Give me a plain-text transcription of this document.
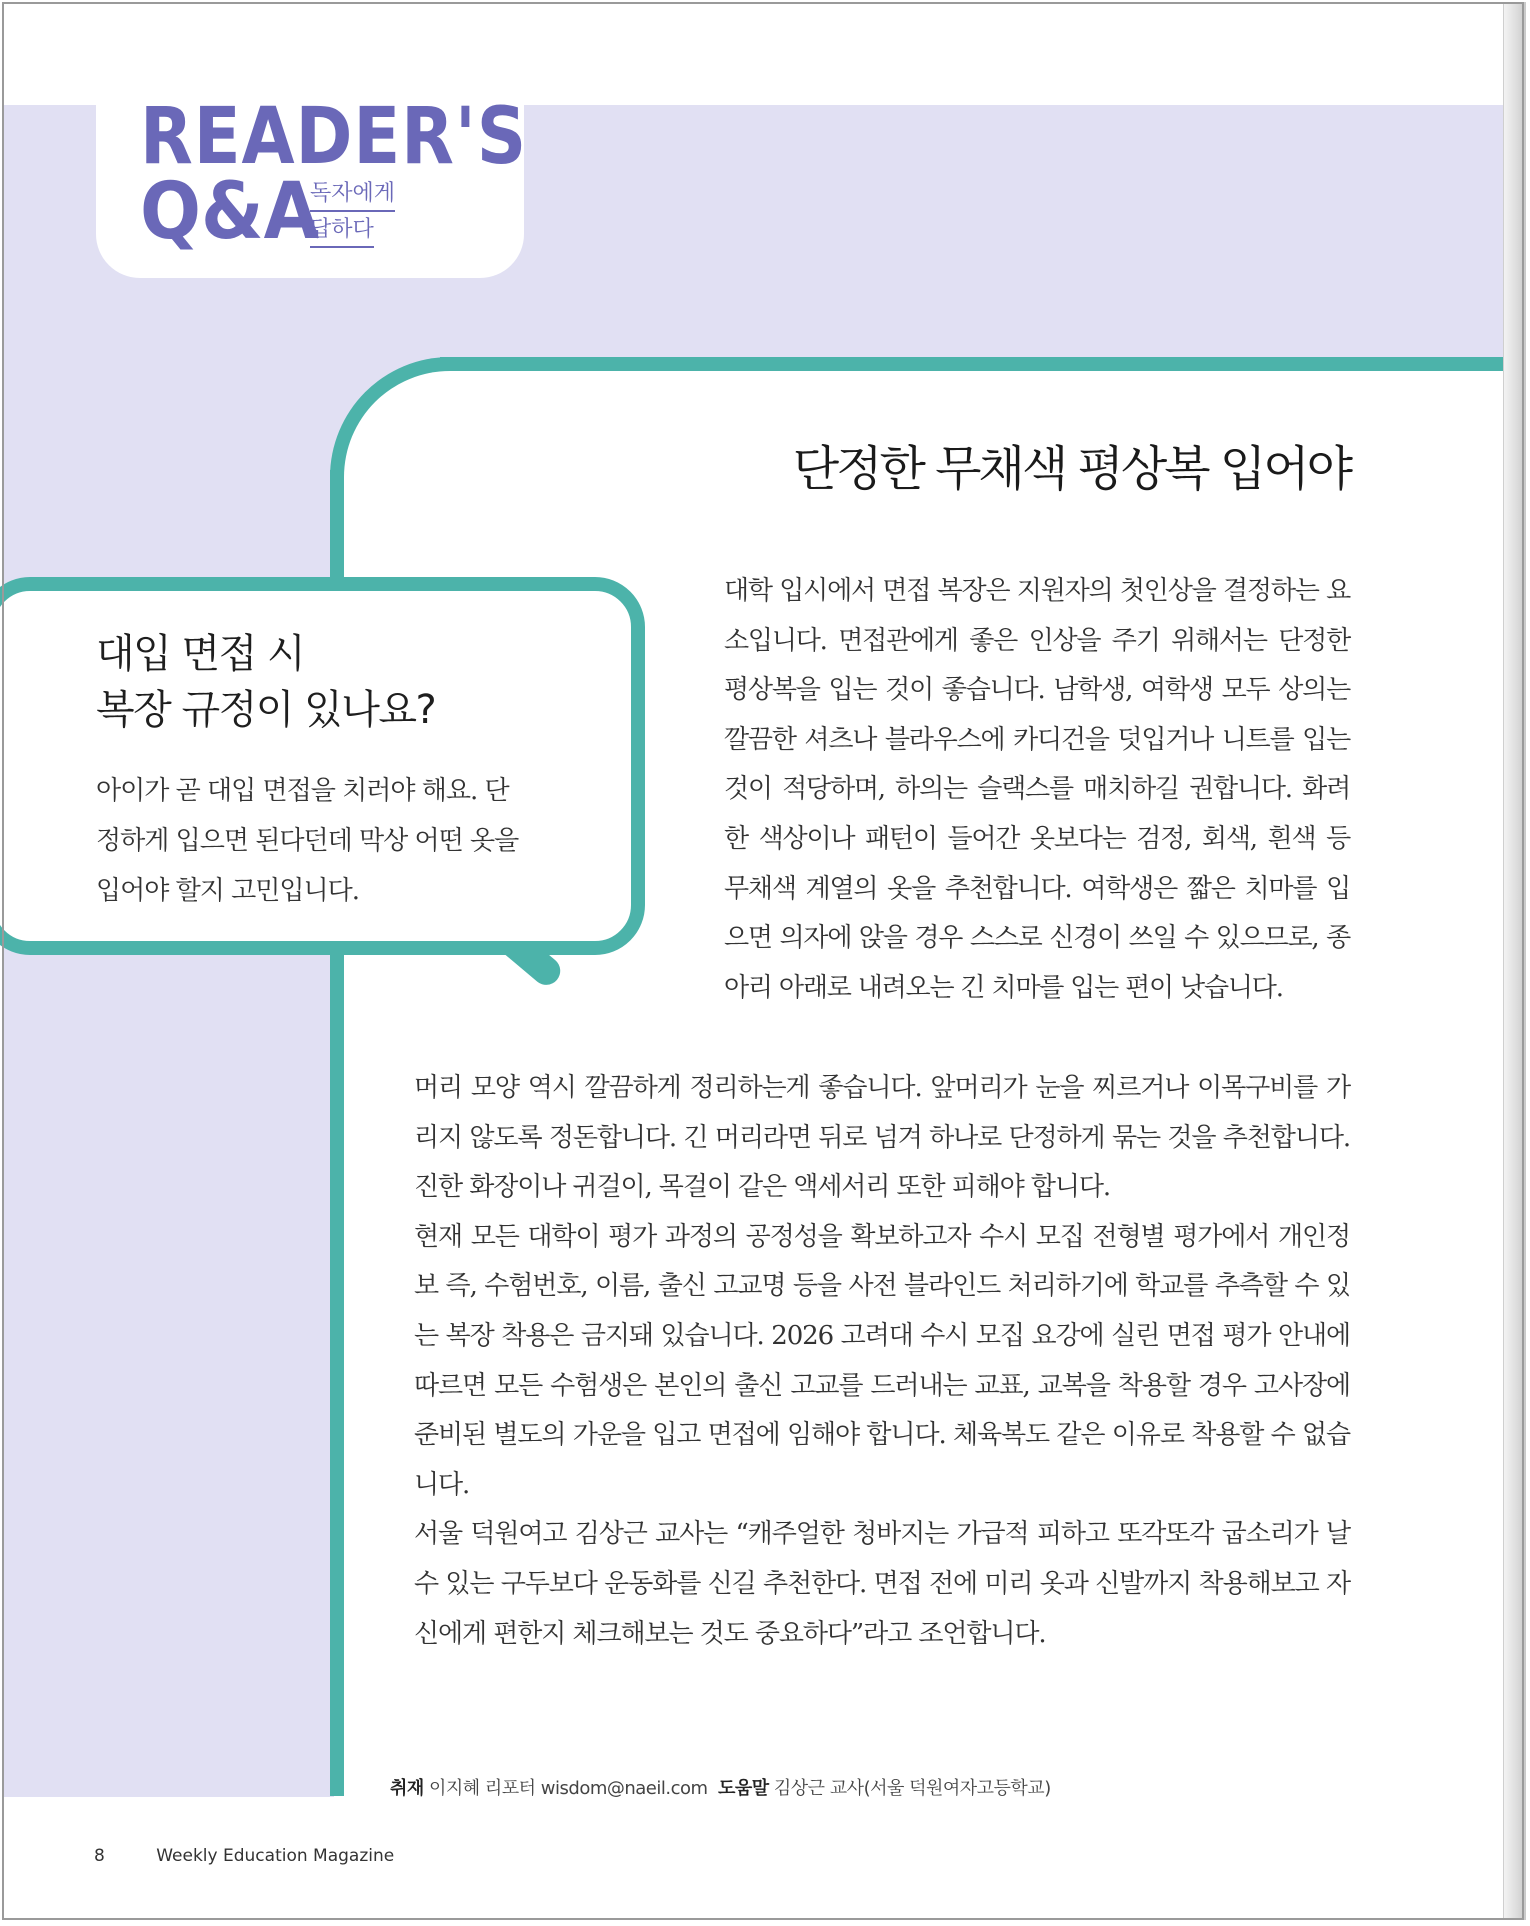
READER'S

Q&A

독자에게
답하다
대입 면접 시
복장 규정이 있나요?

아이가 곧 대입 면접을 치러야 해요. 단정하게 입으면 된다던데 막상 어떤 옷을 입어야 할지 고민입니다.

단정한 무채색 평상복 입어야

대학 입시에서 면접 복장은 지원자의 첫인상을 결정하는 요소입니다. 면접관에게 좋은 인상을 주기 위해서는 단정한 평상복을 입는 것이 좋습니다. 남학생, 여학생 모두 상의는 깔끔한 셔츠나 블라우스에 카디건을 덧입거나 니트를 입는 것이 적당하며, 하의는 슬랙스를 매치하길 권합니다. 화려한 색상이나 패턴이 들어간 옷보다는 검정, 회색, 흰색 등 무채색 계열의 옷을 추천합니다. 여학생은 짧은 치마를 입으면 의자에 앉을 경우 스스로 신경이 쓰일 수 있으므로, 종아리 아래로 내려오는 긴 치마를 입는 편이 낫습니다.

머리 모양 역시 깔끔하게 정리하는게 좋습니다. 앞머리가 눈을 찌르거나 이목구비를 가리지 않도록 정돈합니다. 긴 머리라면 뒤로 넘겨 하나로 단정하게 묶는 것을 추천합니다. 진한 화장이나 귀걸이, 목걸이 같은 액세서리 또한 피해야 합니다.

현재 모든 대학이 평가 과정의 공정성을 확보하고자 수시 모집 전형별 평가에서 개인정보 즉, 수험번호, 이름, 출신 고교명 등을 사전 블라인드 처리하기에 학교를 추측할 수 있는 복장 착용은 금지돼 있습니다. 2026 고려대 수시 모집 요강에 실린 면접 평가 안내에 따르면 모든 수험생은 본인의 출신 고교를 드러내는 교표, 교복을 착용할 경우 고사장에 준비된 별도의 가운을 입고 면접에 임해야 합니다. 체육복도 같은 이유로 착용할 수 없습니다.

서울 덕원여고 김상근 교사는 “캐주얼한 청바지는 가급적 피하고 또각또각 굽소리가 날 수 있는 구두보다 운동화를 신길 추천한다. 면접 전에 미리 옷과 신발까지 착용해보고 자신에게 편한지 체크해보는 것도 중요하다”라고 조언합니다.

취재 이지혜 리포터 wisdom@naeil.com 도움말 김상근 교사(서울 덕원여자고등학교)

8	Weekly Education Magazine
